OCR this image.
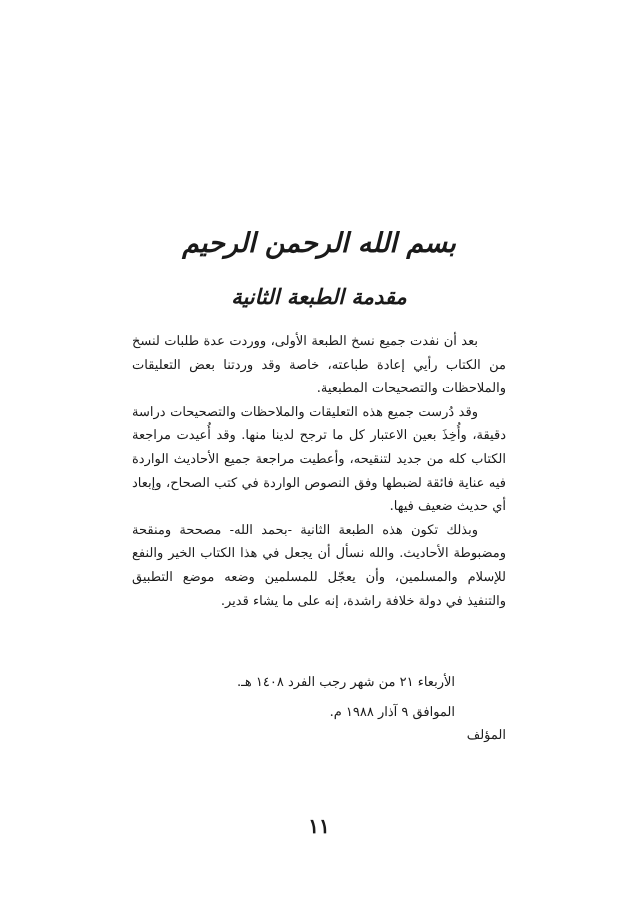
بسم الله الرحمن الرحيم
مقدمة الطبعة الثانية

بعد أن نفدت جميع نسخ الطبعة الأولى، ووردت عدة طلبات لنسخ من الكتاب رأيي إعادة طباعته، خاصة وقد وردتنا بعض التعليقات والملاحظات والتصحيحات المطبعية.

وقد دُرست جميع هذه التعليقات والملاحظات والتصحيحات دراسة دقيقة، وأُخِذَ بعين الاعتبار كل ما ترجح لدينا منها. وقد أُعيدت مراجعة الكتاب كله من جديد لتنقيحه، وأعطيت مراجعة جميع الأحاديث الواردة فيه عناية فائقة لضبطها وفق النصوص الواردة في كتب الصحاح، وإبعاد أي حديث ضعيف فيها.

وبذلك تكون هذه الطبعة الثانية -بحمد الله- مصححة ومنقحة ومضبوطة الأحاديث. والله نسأل أن يجعل في هذا الكتاب الخير والنفع للإسلام والمسلمين، وأن يعجّل للمسلمين وضعه موضع التطبيق والتنفيذ في دولة خلافة راشدة، إنه على ما يشاء قدير.

الأربعاء ٢١ من شهر رجب الفرد ١٤٠٨ هـ.

الموافق ٩ آذار ١٩٨٨ م.

المؤلف

١١
